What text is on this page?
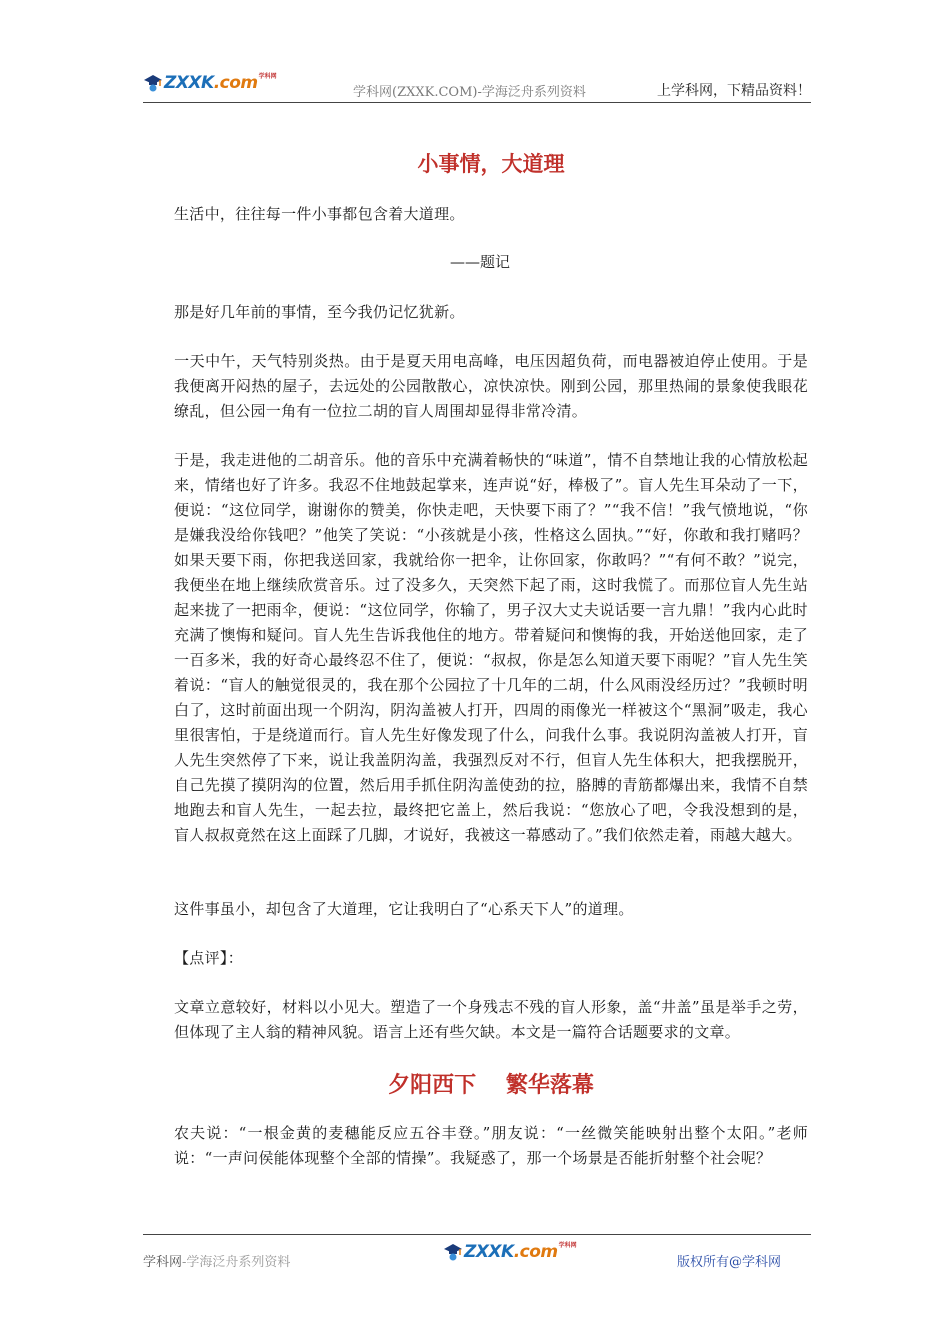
ZXXK.com 学科网
学科网(ZXXK.COM)-学海泛舟系列资料	上学科网，下精品资料！
小事情，大道理

生活中，往往每一件小事都包含着大道理。

——题记

那是好几年前的事情，至今我仍记忆犹新。

一天中午，天气特别炎热。由于是夏天用电高峰，电压因超负荷，而电器被迫停止使用。于是我便离开闷热的屋子，去远处的公园散散心，凉快凉快。刚到公园，那里热闹的景象使我眼花缭乱，但公园一角有一位拉二胡的盲人周围却显得非常冷清。

于是，我走进他的二胡音乐。他的音乐中充满着畅快的“味道”，情不自禁地让我的心情放松起来，情绪也好了许多。我忍不住地鼓起掌来，连声说“好，棒极了”。盲人先生耳朵动了一下，便说：“这位同学，谢谢你的赞美，你快走吧，天快要下雨了？”“我不信！”我气愤地说，“你是嫌我没给你钱吧？”他笑了笑说：“小孩就是小孩，性格这么固执。”“好，你敢和我打赌吗？如果天要下雨，你把我送回家，我就给你一把伞，让你回家，你敢吗？”“有何不敢？”说完，我便坐在地上继续欣赏音乐。过了没多久，天突然下起了雨，这时我慌了。而那位盲人先生站起来拢了一把雨伞，便说：“这位同学，你输了，男子汉大丈夫说话要一言九鼎！”我内心此时充满了懊悔和疑问。盲人先生告诉我他住的地方。带着疑问和懊悔的我，开始送他回家，走了一百多米，我的好奇心最终忍不住了，便说：“叔叔，你是怎么知道天要下雨呢？”盲人先生笑着说：“盲人的触觉很灵的，我在那个公园拉了十几年的二胡，什么风雨没经历过？”我顿时明白了，这时前面出现一个阴沟，阴沟盖被人打开，四周的雨像光一样被这个“黑洞”吸走，我心里很害怕，于是绕道而行。盲人先生好像发现了什么，问我什么事。我说阴沟盖被人打开，盲人先生突然停了下来，说让我盖阴沟盖，我强烈反对不行，但盲人先生体积大，把我摆脱开，自己先摸了摸阴沟的位置，然后用手抓住阴沟盖使劲的拉，胳膊的青筋都爆出来，我情不自禁地跑去和盲人先生，一起去拉，最终把它盖上，然后我说：“您放心了吧，令我没想到的是，盲人叔叔竟然在这上面踩了几脚，才说好，我被这一幕感动了。”我们依然走着，雨越大越大。

这件事虽小，却包含了大道理，它让我明白了“心系天下人”的道理。

【点评】：

文章立意较好，材料以小见大。塑造了一个身残志不残的盲人形象，盖“井盖”虽是举手之劳，但体现了主人翁的精神风貌。语言上还有些欠缺。本文是一篇符合话题要求的文章。

夕阳西下 繁华落幕

农夫说：“一根金黄的麦穗能反应五谷丰登。”朋友说：“一丝微笑能映射出整个太阳。”老师说：“一声问侯能体现整个全部的情操”。我疑惑了，那一个场景是否能折射整个社会呢？

学科网-学海泛舟系列资料
ZXXK.com 学科网
版权所有@学科网
